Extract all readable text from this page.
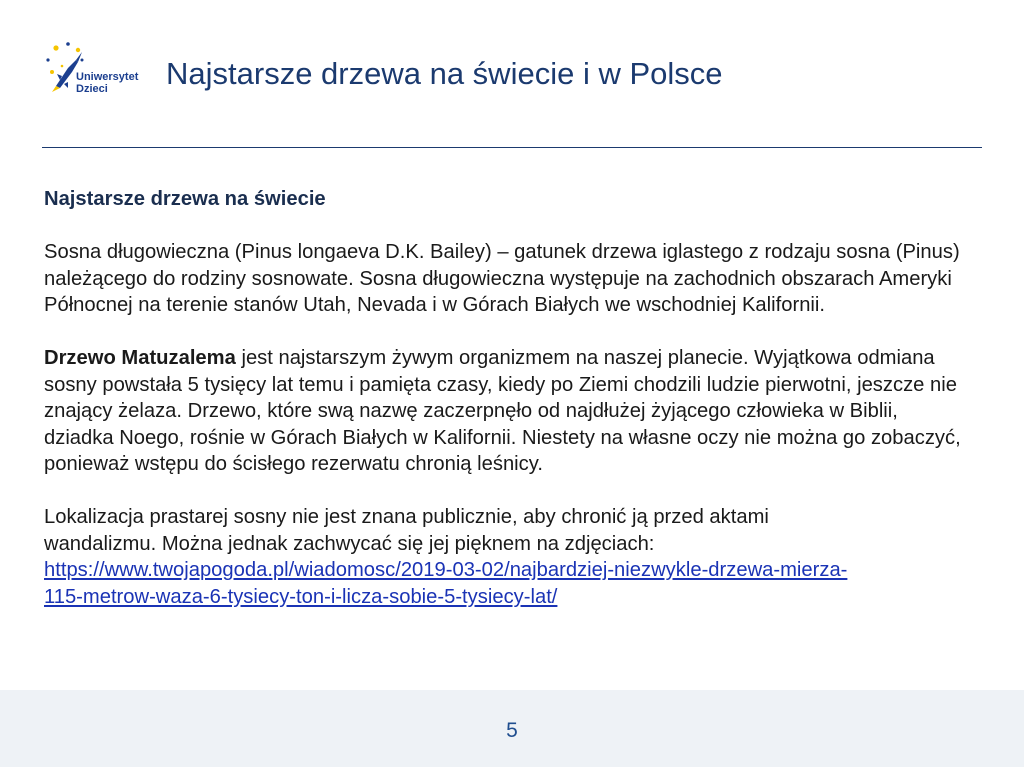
Uniwersytet
Dzieci	Najstarsze drzewa na świecie i w Polsce

Najstarsze drzewa na świecie

Sosna długowieczna (Pinus longaeva D.K. Bailey) – gatunek drzewa iglastego z rodzaju sosna (Pinus) należącego do rodziny sosnowate. Sosna długowieczna występuje na zachodnich obszarach Ameryki Północnej na terenie stanów Utah, Nevada i w Górach Białych we wschodniej Kalifornii.

Drzewo Matuzalema jest najstarszym żywym organizmem na naszej planecie. Wyjątkowa odmiana sosny powstała 5 tysięcy lat temu i pamięta czasy, kiedy po Ziemi chodzili ludzie pierwotni, jeszcze nie znający żelaza. Drzewo, które swą nazwę zaczerpnęło od najdłużej żyjącego człowieka w Biblii, dziadka Noego, rośnie w Górach Białych w Kalifornii. Niestety na własne oczy nie można go zobaczyć, ponieważ wstępu do ścisłego rezerwatu chronią leśnicy.

Lokalizacja prastarej sosny nie jest znana publicznie, aby chronić ją przed aktami
wandalizmu. Można jednak zachwycać się jej pięknem na zdjęciach:
https://www.twojapogoda.pl/wiadomosc/2019-03-02/najbardziej-niezwykle-drzewa-mierza-
115-metrow-waza-6-tysiecy-ton-i-licza-sobie-5-tysiecy-lat/

5
